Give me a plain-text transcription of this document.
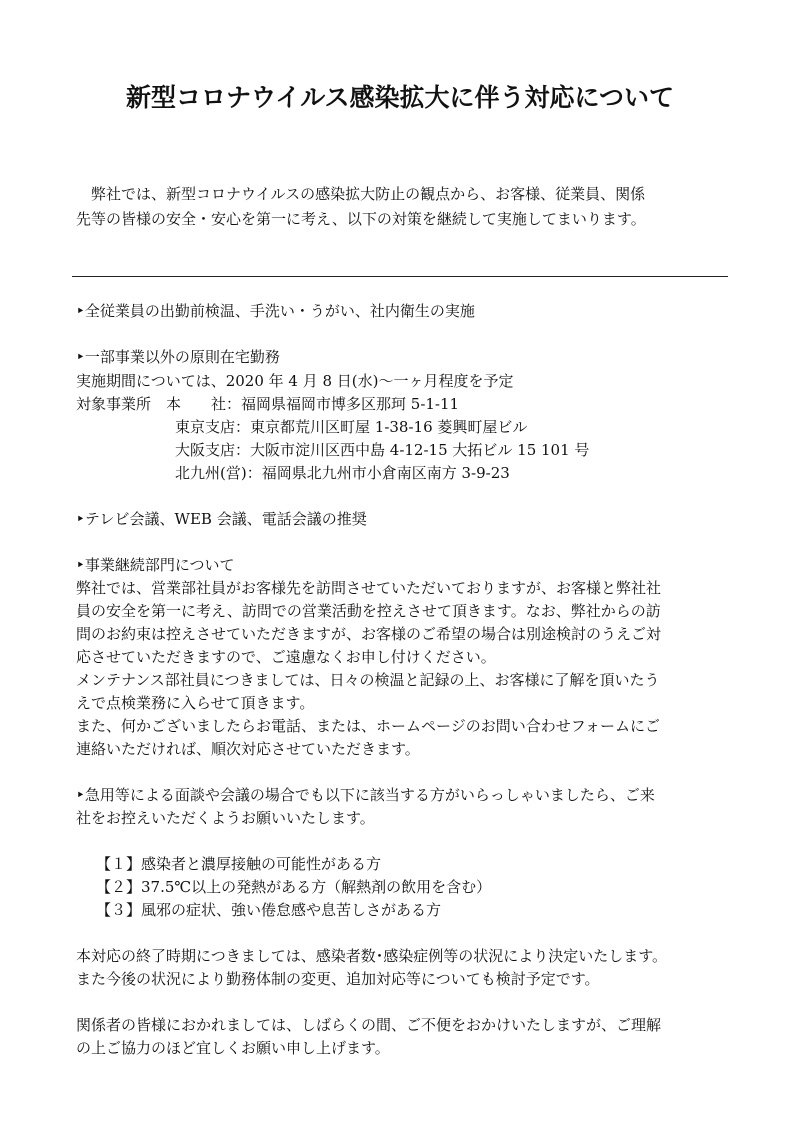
新型コロナウイルス感染拡大に伴う対応について

　弊社では、新型コロナウイルスの感染拡大防止の観点から、お客様、従業員、関係

先等の皆様の安全・安心を第一に考え、以下の対策を継続して実施してまいります。

‣全従業員の出勤前検温、手洗い・うがい、社内衛生の実施

‣一部事業以外の原則在宅勤務

実施期間については、2020 年 4 月 8 日(水)〜一ヶ月程度を予定

対象事業所　本　　社：福岡県福岡市博多区那珂 5-1-11

東京支店：東京都荒川区町屋 1-38-16 菱興町屋ビル

大阪支店：大阪市淀川区西中島 4-12-15 大拓ビル 15 101 号

北九州(営)：福岡県北九州市小倉南区南方 3-9-23

‣テレビ会議、WEB 会議、電話会議の推奨

‣事業継続部門について

弊社では、営業部社員がお客様先を訪問させていただいておりますが、お客様と弊社社

員の安全を第一に考え、訪問での営業活動を控えさせて頂きます。なお、弊社からの訪

問のお約束は控えさせていただきますが、お客様のご希望の場合は別途検討のうえご対

応させていただきますので、ご遠慮なくお申し付けください。

メンテナンス部社員につきましては、日々の検温と記録の上、お客様に了解を頂いたう

えで点検業務に入らせて頂きます。

また、何かございましたらお電話、または、ホームページのお問い合わせフォームにご

連絡いただければ、順次対応させていただきます。

‣急用等による面談や会議の場合でも以下に該当する方がいらっしゃいましたら、ご来

社をお控えいただくようお願いいたします。

【１】感染者と濃厚接触の可能性がある方

【２】37.5℃以上の発熱がある方（解熱剤の飲用を含む）

【３】風邪の症状、強い倦怠感や息苦しさがある方

本対応の終了時期につきましては、感染者数･感染症例等の状況により決定いたします。

また今後の状況により勤務体制の変更、追加対応等についても検討予定です。

関係者の皆様におかれましては、しばらくの間、ご不便をおかけいたしますが、ご理解

の上ご協力のほど宜しくお願い申し上げます。
